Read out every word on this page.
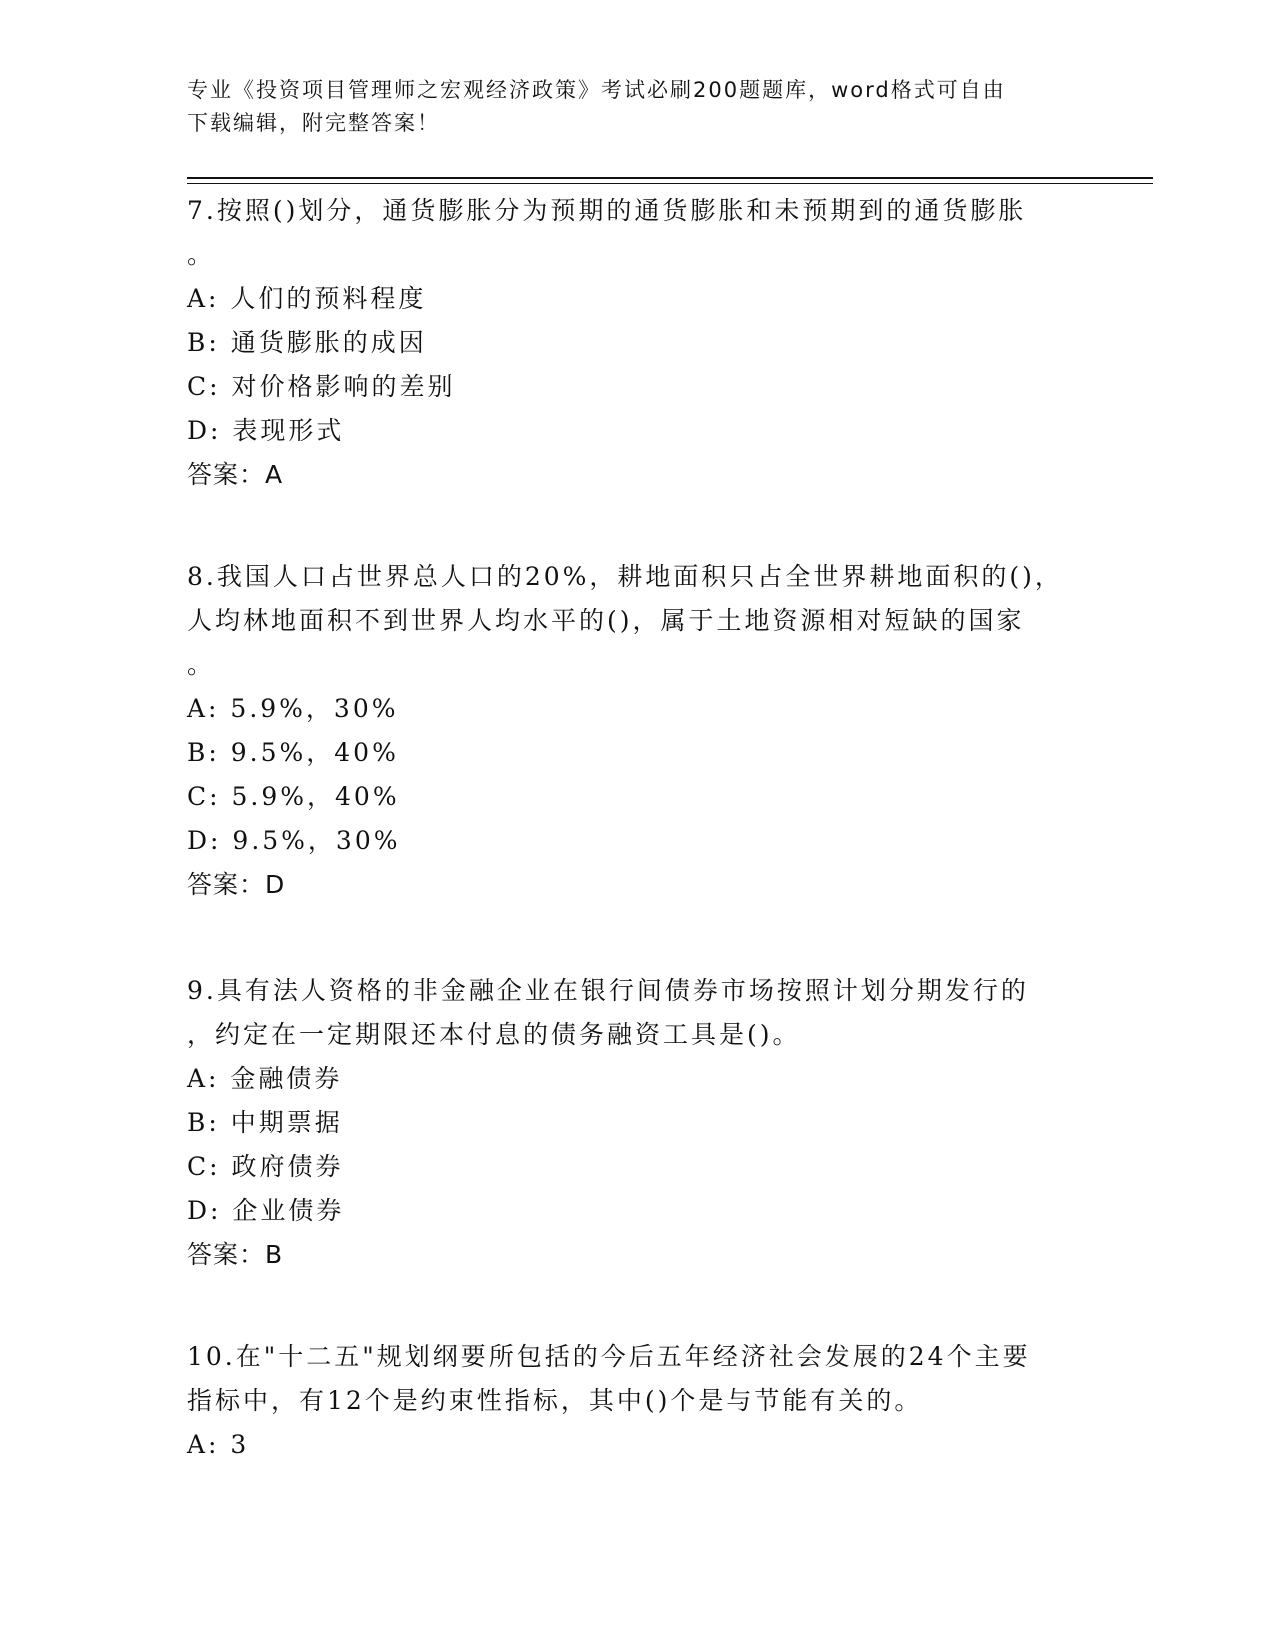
专业《投资项目管理师之宏观经济政策》考试必刷200题题库，word格式可自由
下载编辑，附完整答案！
7.按照()划分，通货膨胀分为预期的通货膨胀和未预期到的通货膨胀
。
A: 人们的预料程度
B: 通货膨胀的成因
C: 对价格影响的差别
D: 表现形式
答案：A
8.我国人口占世界总人口的20%，耕地面积只占全世界耕地面积的()，
人均林地面积不到世界人均水平的()，属于土地资源相对短缺的国家
。
A: 5.9%，30%
B: 9.5%，40%
C: 5.9%，40%
D: 9.5%，30%
答案：D
9.具有法人资格的非金融企业在银行间债券市场按照计划分期发行的
，约定在一定期限还本付息的债务融资工具是()。
A: 金融债券
B: 中期票据
C: 政府债券
D: 企业债券
答案：B
10.在"十二五"规划纲要所包括的今后五年经济社会发展的24个主要
指标中，有12个是约束性指标，其中()个是与节能有关的。
A: 3
